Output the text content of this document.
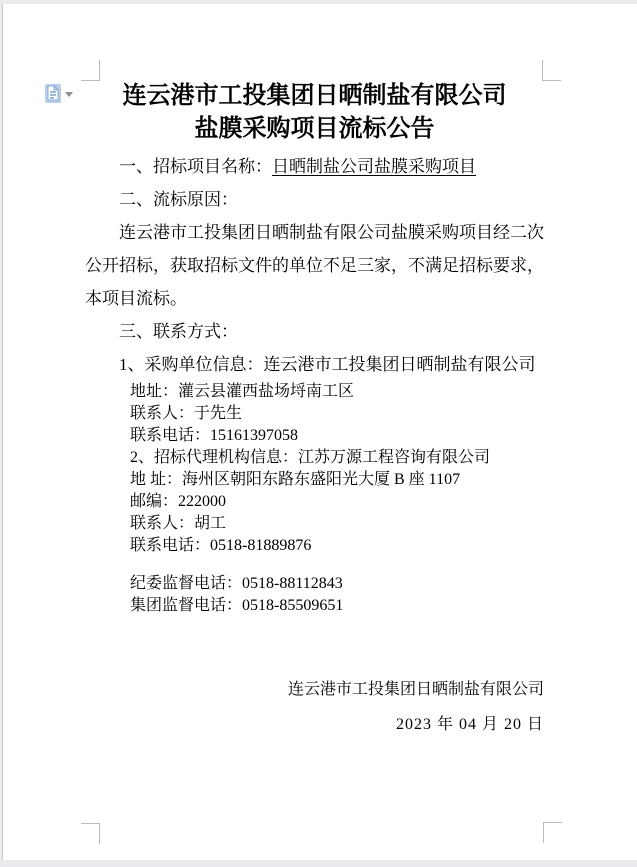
连云港市工投集团日晒制盐有限公司
盐膜采购项目流标公告

一、招标项目名称：日晒制盐公司盐膜采购项目

二、流标原因：

连云港市工投集团日晒制盐有限公司盐膜采购项目经二次公开招标，获取招标文件的单位不足三家，不满足招标要求，本项目流标。

三、联系方式：

1、采购单位信息：连云港市工投集团日晒制盐有限公司

地址：灌云县灌西盐场埒南工区
联系人：于先生
联系电话：15161397058
2、招标代理机构信息：江苏万源工程咨询有限公司
地 址：海州区朝阳东路东盛阳光大厦 B 座 1107
邮编：222000
联系人：胡工
联系电话：0518-81889876
纪委监督电话：0518-88112843
集团监督电话：0518-85509651
连云港市工投集团日晒制盐有限公司
2023 年 04 月 20 日
